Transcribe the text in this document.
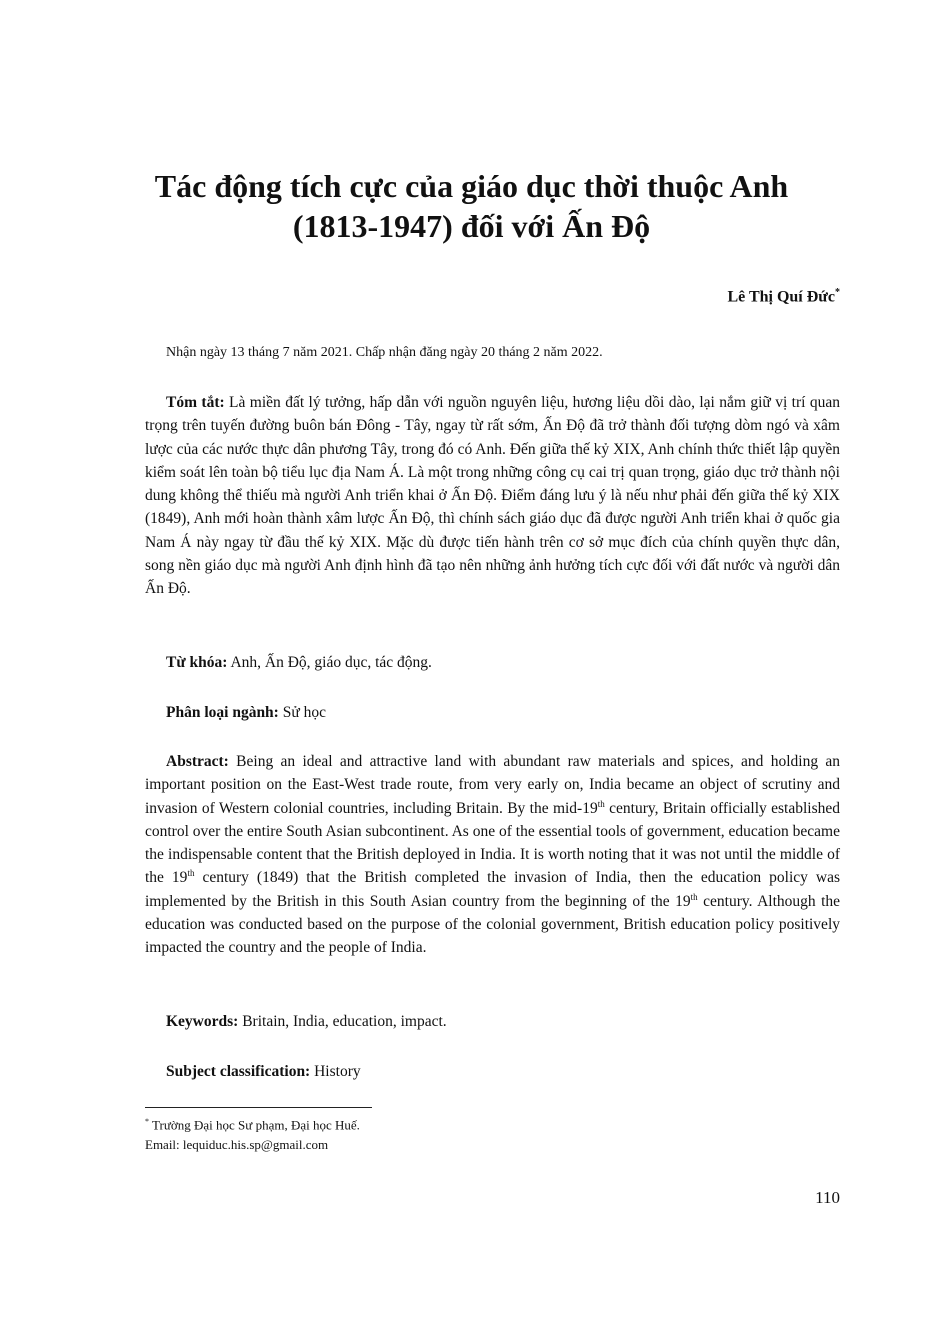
Tác động tích cực của giáo dục thời thuộc Anh
(1813-1947) đối với Ấn Độ
Lê Thị Quí Đức*
Nhận ngày 13 tháng 7 năm 2021. Chấp nhận đăng ngày 20 tháng 2 năm 2022.

Tóm tắt: Là miền đất lý tưởng, hấp dẫn với nguồn nguyên liệu, hương liệu dồi dào, lại nắm giữ vị trí quan trọng trên tuyến đường buôn bán Đông - Tây, ngay từ rất sớm, Ấn Độ đã trở thành đối tượng dòm ngó và xâm lược của các nước thực dân phương Tây, trong đó có Anh. Đến giữa thế kỷ XIX, Anh chính thức thiết lập quyền kiểm soát lên toàn bộ tiểu lục địa Nam Á. Là một trong những công cụ cai trị quan trọng, giáo dục trở thành nội dung không thể thiếu mà người Anh triển khai ở Ấn Độ. Điểm đáng lưu ý là nếu như phải đến giữa thế kỷ XIX (1849), Anh mới hoàn thành xâm lược Ấn Độ, thì chính sách giáo dục đã được người Anh triển khai ở quốc gia Nam Á này ngay từ đầu thế kỷ XIX. Mặc dù được tiến hành trên cơ sở mục đích của chính quyền thực dân, song nền giáo dục mà người Anh định hình đã tạo nên những ảnh hưởng tích cực đối với đất nước và người dân Ấn Độ.

Từ khóa: Anh, Ấn Độ, giáo dục, tác động.
Phân loại ngành: Sử học

Abstract: Being an ideal and attractive land with abundant raw materials and spices, and holding an important position on the East-West trade route, from very early on, India became an object of scrutiny and invasion of Western colonial countries, including Britain. By the mid-19th century, Britain officially established control over the entire South Asian subcontinent. As one of the essential tools of government, education became the indispensable content that the British deployed in India. It is worth noting that it was not until the middle of the 19th century (1849) that the British completed the invasion of India, then the education policy was implemented by the British in this South Asian country from the beginning of the 19th century. Although the education was conducted based on the purpose of the colonial government, British education policy positively impacted the country and the people of India.

Keywords: Britain, India, education, impact.
Subject classification: History
* Trường Đại học Sư phạm, Đại học Huế.
Email: lequiduc.his.sp@gmail.com
110
